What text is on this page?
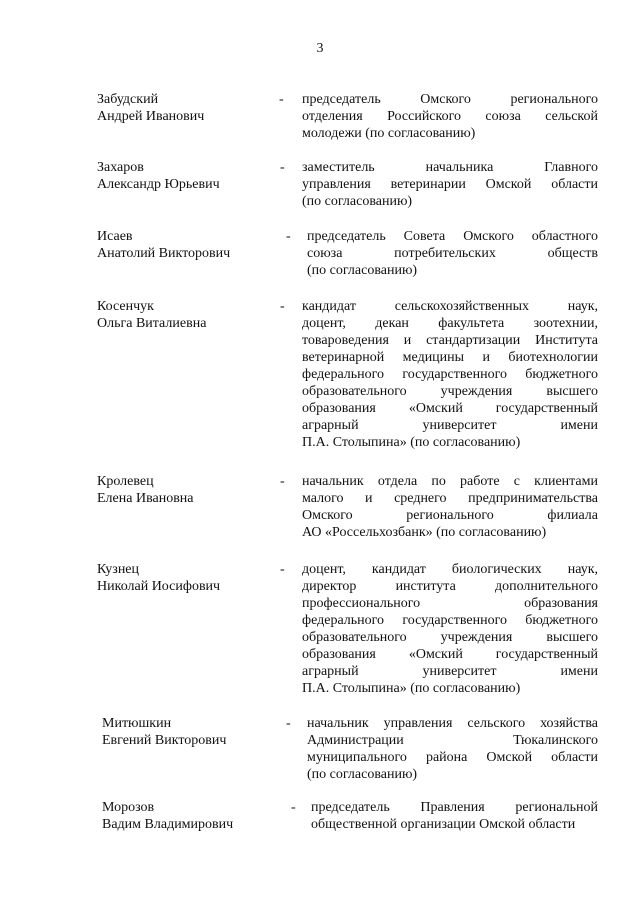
3
Забудский
Андрей Иванович
- председатель Омского регионального
отделения Российского союза сельской
молодежи (по согласованию)
Захаров
Александр Юрьевич
- заместитель начальника Главного
управления ветеринарии Омской области
(по согласованию)
Исаев
Анатолий Викторович
- председатель Совета Омского областного
союза потребительских обществ
(по согласованию)
Косенчук
Ольга Виталиевна
- кандидат сельскохозяйственных наук,
доцент, декан факультета зоотехнии,
товароведения и стандартизации Института
ветеринарной медицины и биотехнологии
федерального государственного бюджетного
образовательного учреждения высшего
образования «Омский государственный
аграрный университет имени
П.А. Столыпина» (по согласованию)
Кролевец
Елена Ивановна
- начальник отдела по работе с клиентами
малого и среднего предпринимательства
Омского регионального филиала
АО «Россельхозбанк» (по согласованию)
Кузнец
Николай Иосифович
- доцент, кандидат биологических наук,
директор института дополнительного
профессионального образования
федерального государственного бюджетного
образовательного учреждения высшего
образования «Омский государственный
аграрный университет имени
П.А. Столыпина» (по согласованию)
Митюшкин
Евгений Викторович
- начальник управления сельского хозяйства
Администрации Тюкалинского
муниципального района Омской области
(по согласованию)
Морозов
Вадим Владимирович
- председатель Правления региональной
общественной организации Омской области
